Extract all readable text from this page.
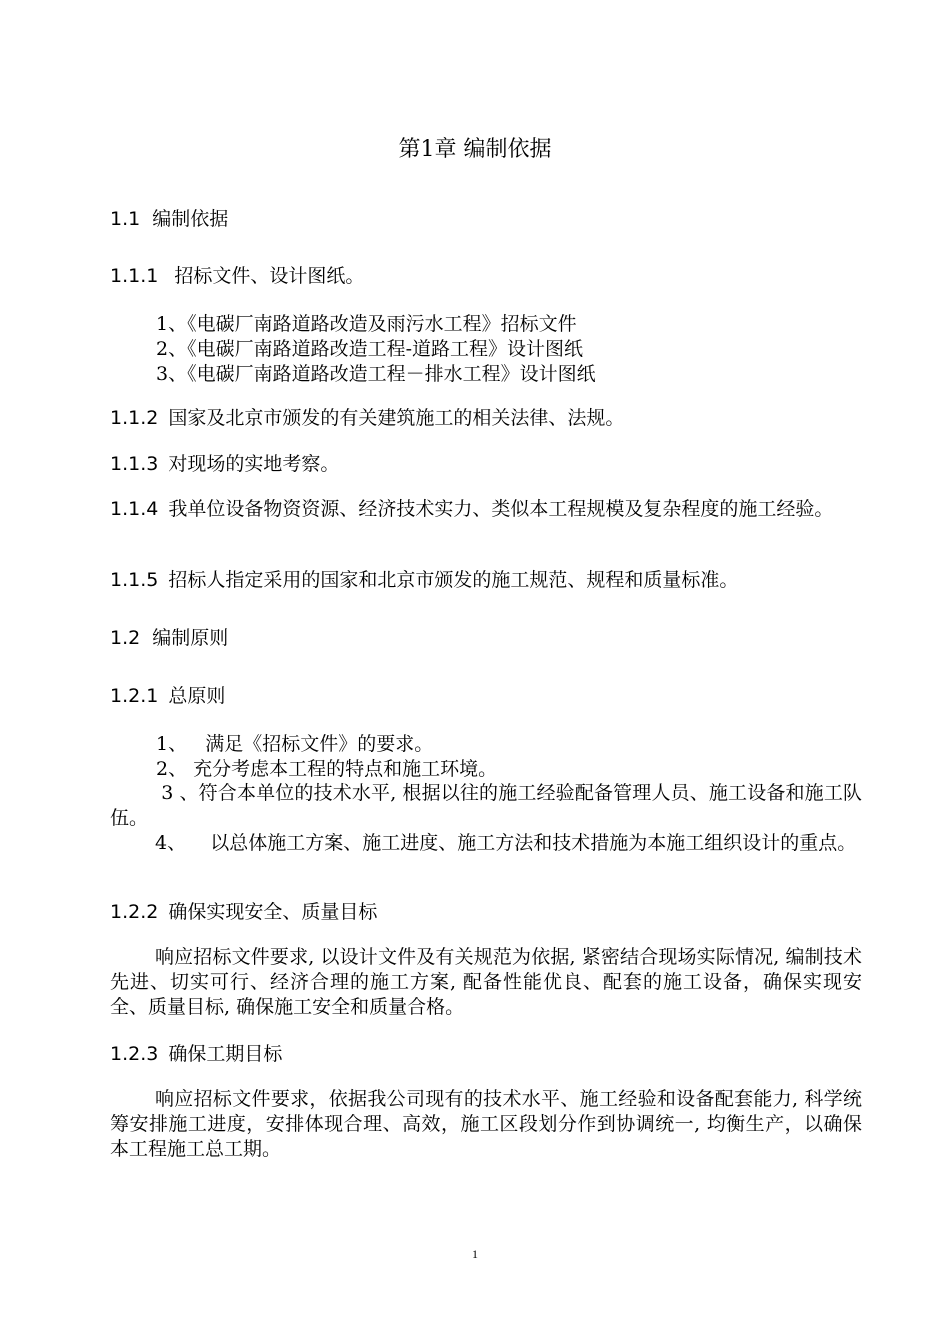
第1章 编制依据
1.1 编制依据
1.1.1 招标文件、设计图纸。
1、《电碳厂南路道路改造及雨污水工程》招标文件
2、《电碳厂南路道路改造工程-道路工程》设计图纸
3、《电碳厂南路道路改造工程－排水工程》设计图纸
1.1.2 国家及北京市颁发的有关建筑施工的相关法律、法规。
1.1.3 对现场的实地考察。
1.1.4 我单位设备物资资源、经济技术实力、类似本工程规模及复杂程度的施工经验。
1.1.5 招标人指定采用的国家和北京市颁发的施工规范、规程和质量标准。
1.2 编制原则
1.2.1 总原则
1、   满足《招标文件》的要求。
2、 充分考虑本工程的特点和施工环境。
3 、符合本单位的技术水平, 根据以往的施工经验配备管理人员、施工设备和施工队伍。
4、    以总体施工方案、施工进度、施工方法和技术措施为本施工组织设计的重点。
1.2.2 确保实现安全、质量目标
响应招标文件要求, 以设计文件及有关规范为依据, 紧密结合现场实际情况, 编制技术先进、切实可行、经济合理的施工方案, 配备性能优良、配套的施工设备，确保实现安全、质量目标, 确保施工安全和质量合格。
1.2.3 确保工期目标
响应招标文件要求，依据我公司现有的技术水平、施工经验和设备配套能力, 科学统筹安排施工进度，安排体现合理、高效，施工区段划分作到协调统一, 均衡生产，以确保本工程施工总工期。
1
